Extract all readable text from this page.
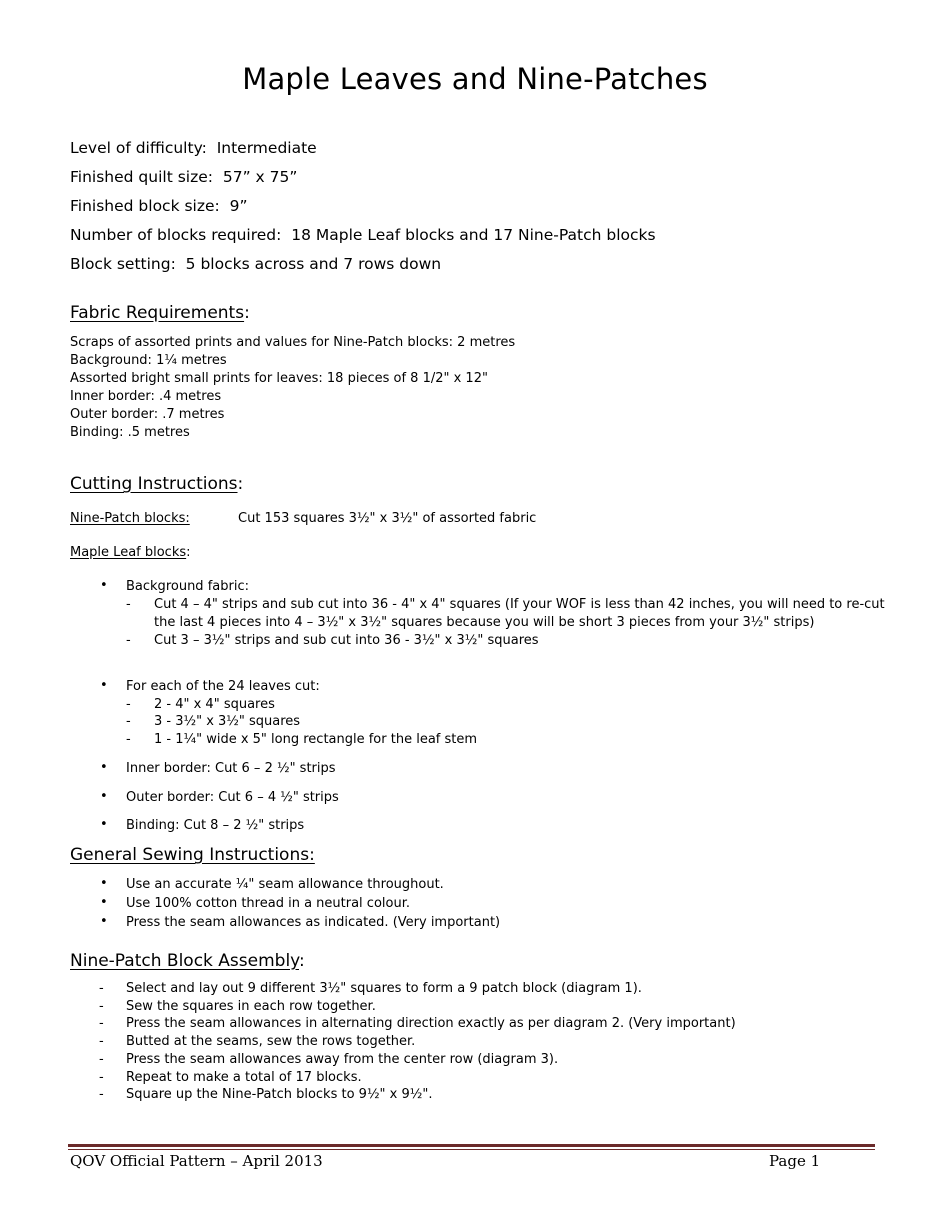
Maple Leaves and Nine-Patches
Level of difficulty: Intermediate
Finished quilt size: 57” x 75”
Finished block size: 9”
Number of blocks required: 18 Maple Leaf blocks and 17 Nine-Patch blocks
Block setting: 5 blocks across and 7 rows down
Fabric Requirements:
Scraps of assorted prints and values for Nine-Patch blocks: 2 metres
Background: 1¼ metres
Assorted bright small prints for leaves: 18 pieces of 8 1/2" x 12"
Inner border: .4 metres
Outer border: .7 metres
Binding: .5 metres
Cutting Instructions:
Nine-Patch blocks:	Cut 153 squares 3½" x 3½" of assorted fabric
Maple Leaf blocks:
• Background fabric:
- Cut 4 – 4" strips and sub cut into 36 - 4" x 4" squares (If your WOF is less than 42 inches, you will need to re-cut
the last 4 pieces into 4 – 3½" x 3½" squares because you will be short 3 pieces from your 3½" strips)
- Cut 3 – 3½" strips and sub cut into 36 - 3½" x 3½" squares
• For each of the 24 leaves cut:
- 2 - 4" x 4" squares
- 3 - 3½" x 3½" squares
- 1 - 1¼" wide x 5" long rectangle for the leaf stem
• Inner border: Cut 6 – 2 ½" strips
• Outer border: Cut 6 – 4 ½" strips
• Binding: Cut 8 – 2 ½" strips
General Sewing Instructions:
• Use an accurate ¼" seam allowance throughout.
• Use 100% cotton thread in a neutral colour.
• Press the seam allowances as indicated. (Very important)
Nine-Patch Block Assembly:
- Select and lay out 9 different 3½" squares to form a 9 patch block (diagram 1).
- Sew the squares in each row together.
- Press the seam allowances in alternating direction exactly as per diagram 2. (Very important)
- Butted at the seams, sew the rows together.
- Press the seam allowances away from the center row (diagram 3).
- Repeat to make a total of 17 blocks.
- Square up the Nine-Patch blocks to 9½" x 9½".
QOV Official Pattern – April 2013	Page 1
